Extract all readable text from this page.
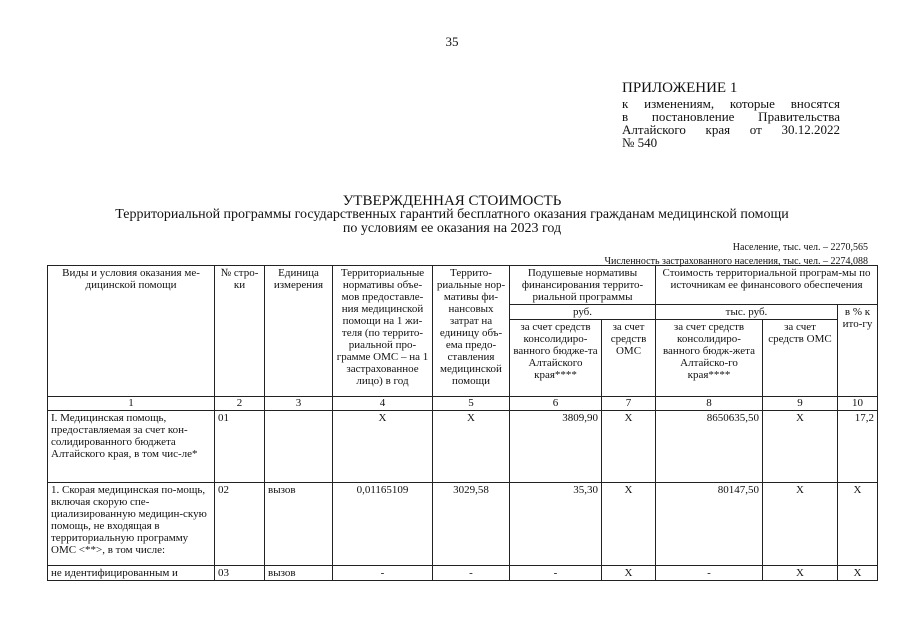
35
ПРИЛОЖЕНИЕ 1
к изменениям, которые вносятся
в постановление Правительства
Алтайского края от 30.12.2022
№ 540
УТВЕРЖДЕННАЯ СТОИМОСТЬ
Территориальной программы государственных гарантий бесплатного оказания гражданам медицинской помощи
по условиям ее оказания на 2023 год
Население, тыс. чел. – 2270,565
Численность застрахованного населения, тыс. чел. – 2274,088
Виды и условия оказания ме-дицинской помощи	№ стро-ки	Единица измерения	Территориальные нормативы объе-мов предоставле-ния медицинской помощи на 1 жи-теля (по террито-риальной про-грамме ОМС – на 1 застрахованное лицо) в год	Террито-риальные нор-мативы фи-нансовых затрат на единицу объ-ема предо-ставления медицинской помощи	Подушевые нормативы финансирования террито-риальной программы		Стоимость территориальной програм-мы по источникам ее финансового обеспечения		
					руб.		тыс. руб.		в % к ито-гу
					за счет средств консолидиро-ванного бюдже-та Алтайского края****	за счет средств ОМС	за счет средств консолидиро-ванного бюдж-жета Алтайско-го края****	за счет средств ОМС	
1	2	3	4	5	6	7	8	9	10
I. Медицинская помощь, предоставляемая за счет кон-солидированного бюджета Алтайского края, в том чис-ле*	01		Х	Х	3809,90	Х	8650635,50	Х	17,2
1. Скорая медицинская по-мощь, включая скорую спе-циализированную медицин-скую помощь, не входящая в территориальную программу ОМС <**>, в том числе:	02	вызов	0,01165109	3029,58	35,30	Х	80147,50	Х	Х
не идентифицированным и	03	вызов	-	-	-	Х	-	Х	Х
